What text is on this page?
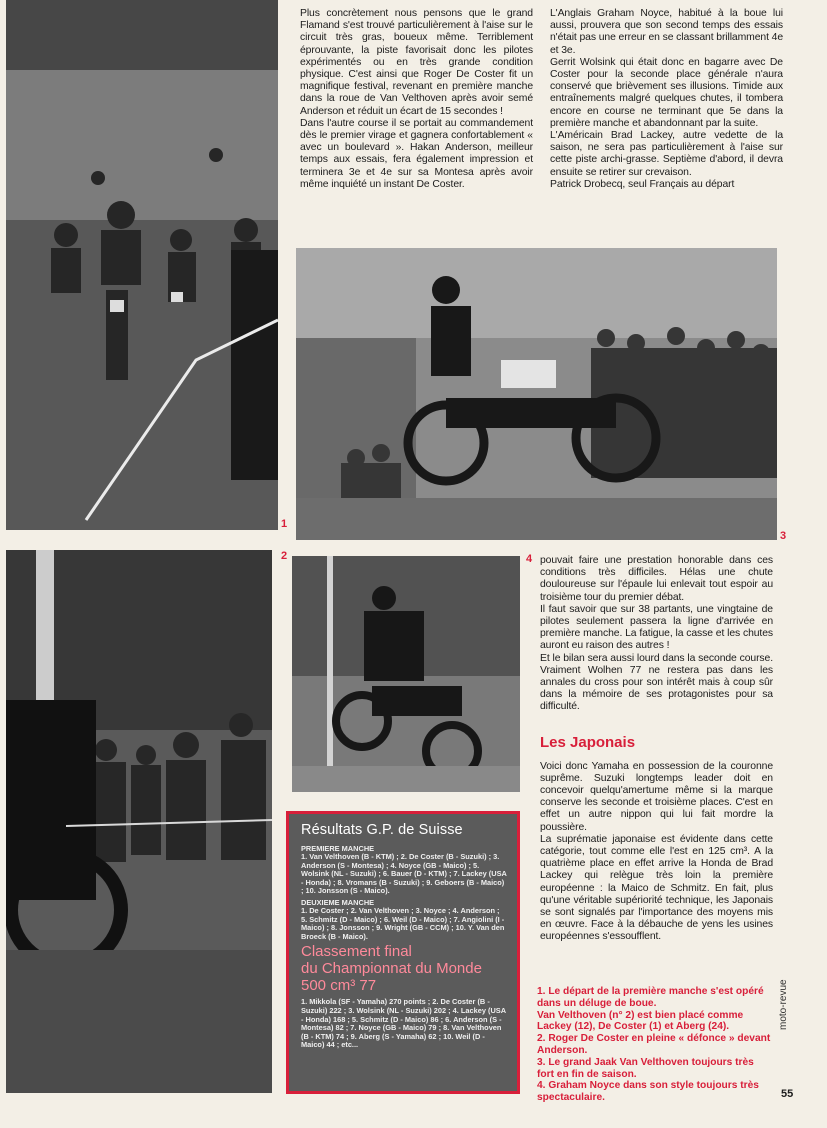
1

Plus concrètement nous pensons que le grand Flamand s'est trouvé particulièrement à l'aise sur le circuit très gras, boueux même. Terriblement éprouvante, la piste favorisait donc les pilotes expérimentés ou en très grande condition physique. C'est ainsi que Roger De Coster fit un magnifique festival, revenant en première manche dans la roue de Van Velthoven après avoir semé Anderson et réduit un écart de 15 secondes !

Dans l'autre course il se portait au commandement dès le premier virage et gagnera confortablement « avec un boulevard ». Hakan Anderson, meilleur temps aux essais, fera également impression et terminera 3e et 4e sur sa Montesa après avoir même inquiété un instant De Coster.

L'Anglais Graham Noyce, habitué à la boue lui aussi, prouvera que son second temps des essais n'était pas une erreur en se classant brillamment 4e et 3e.

Gerrit Wolsink qui était donc en bagarre avec De Coster pour la seconde place générale n'aura conservé que brièvement ses illusions. Timide aux entraînements malgré quelques chutes, il tombera encore en course ne terminant que 5e dans la première manche et abandonnant par la suite.

L'Américain Brad Lackey, autre vedette de la saison, ne sera pas particulièrement à l'aise sur cette piste archi-grasse. Septième d'abord, il devra ensuite se retirer sur crevaison.

Patrick Drobecq, seul Français au départ

3
2	4 pouvait faire une prestation honorable dans ces conditions très difficiles. Hélas une chute douloureuse sur l'épaule lui enlevait tout espoir au troisième tour du premier débat.

Il faut savoir que sur 38 partants, une vingtaine de pilotes seulement passera la ligne d'arrivée en première manche. La fatigue, la casse et les chutes auront eu raison des autres !

Et le bilan sera aussi lourd dans la seconde course. Vraiment Wolhen 77 ne restera pas dans les annales du cross pour son intérêt mais à coup sûr dans la mémoire de ses protagonistes pour sa difficulté.

Les Japonais

Voici donc Yamaha en possession de la couronne suprême. Suzuki longtemps leader doit en concevoir quelqu'amertume même si la marque conserve les seconde et troisième places. C'est en effet un autre nippon qui lui fait mordre la poussière.

La suprématie japonaise est évidente dans cette catégorie, tout comme elle l'est en 125 cm³. A la quatrième place en effet arrive la Honda de Brad Lackey qui relègue très loin la première européenne : la Maico de Schmitz. En fait, plus qu'une véritable supériorité technique, les Japonais se sont signalés par l'importance des moyens mis en œuvre. Face à la débauche de yens les usines européennes s'essoufflent.

Résultats G.P. de Suisse
PREMIERE MANCHE
1. Van Velthoven (B - KTM) ; 2. De Coster (B - Suzuki) ; 3. Anderson (S - Montesa) ; 4. Noyce (GB - Maico) ; 5. Wolsink (NL - Suzuki) ; 6. Bauer (D - KTM) ; 7. Lackey (USA - Honda) ; 8. Vromans (B - Suzuki) ; 9. Geboers (B - Maico) ; 10. Jonsson (S - Maico).
DEUXIEME MANCHE
1. De Coster ; 2. Van Velthoven ; 3. Noyce ; 4. Anderson ; 5. Schmitz (D - Maico) ; 6. Weil (D - Maico) ; 7. Angiolini (I - Maico) ; 8. Jonsson ; 9. Wright (GB - CCM) ; 10. Y. Van den Broeck (B - Maico).
Classement final
du Championnat du Monde
500 cm³ 77
1. Mikkola (SF - Yamaha) 270 points ; 2. De Coster (B - Suzuki) 222 ; 3. Wolsink (NL - Suzuki) 202 ; 4. Lackey (USA - Honda) 168 ; 5. Schmitz (D - Maico) 86 ; 6. Anderson (S - Montesa) 82 ; 7. Noyce (GB - Maico) 79 ; 8. Van Velthoven (B - KTM) 74 ; 9. Aberg (S - Yamaha) 62 ; 10. Weil (D - Maico) 44 ; etc...
1. Le départ de la première manche s'est opéré dans un déluge de boue.
Van Velthoven (n° 2) est bien placé comme Lackey (12), De Coster (1) et Aberg (24).
2. Roger De Coster en pleine « défonce » devant Anderson.
3. Le grand Jaak Van Velthoven toujours très fort en fin de saison.
4. Graham Noyce dans son style toujours très spectaculaire.
moto-revue
55
